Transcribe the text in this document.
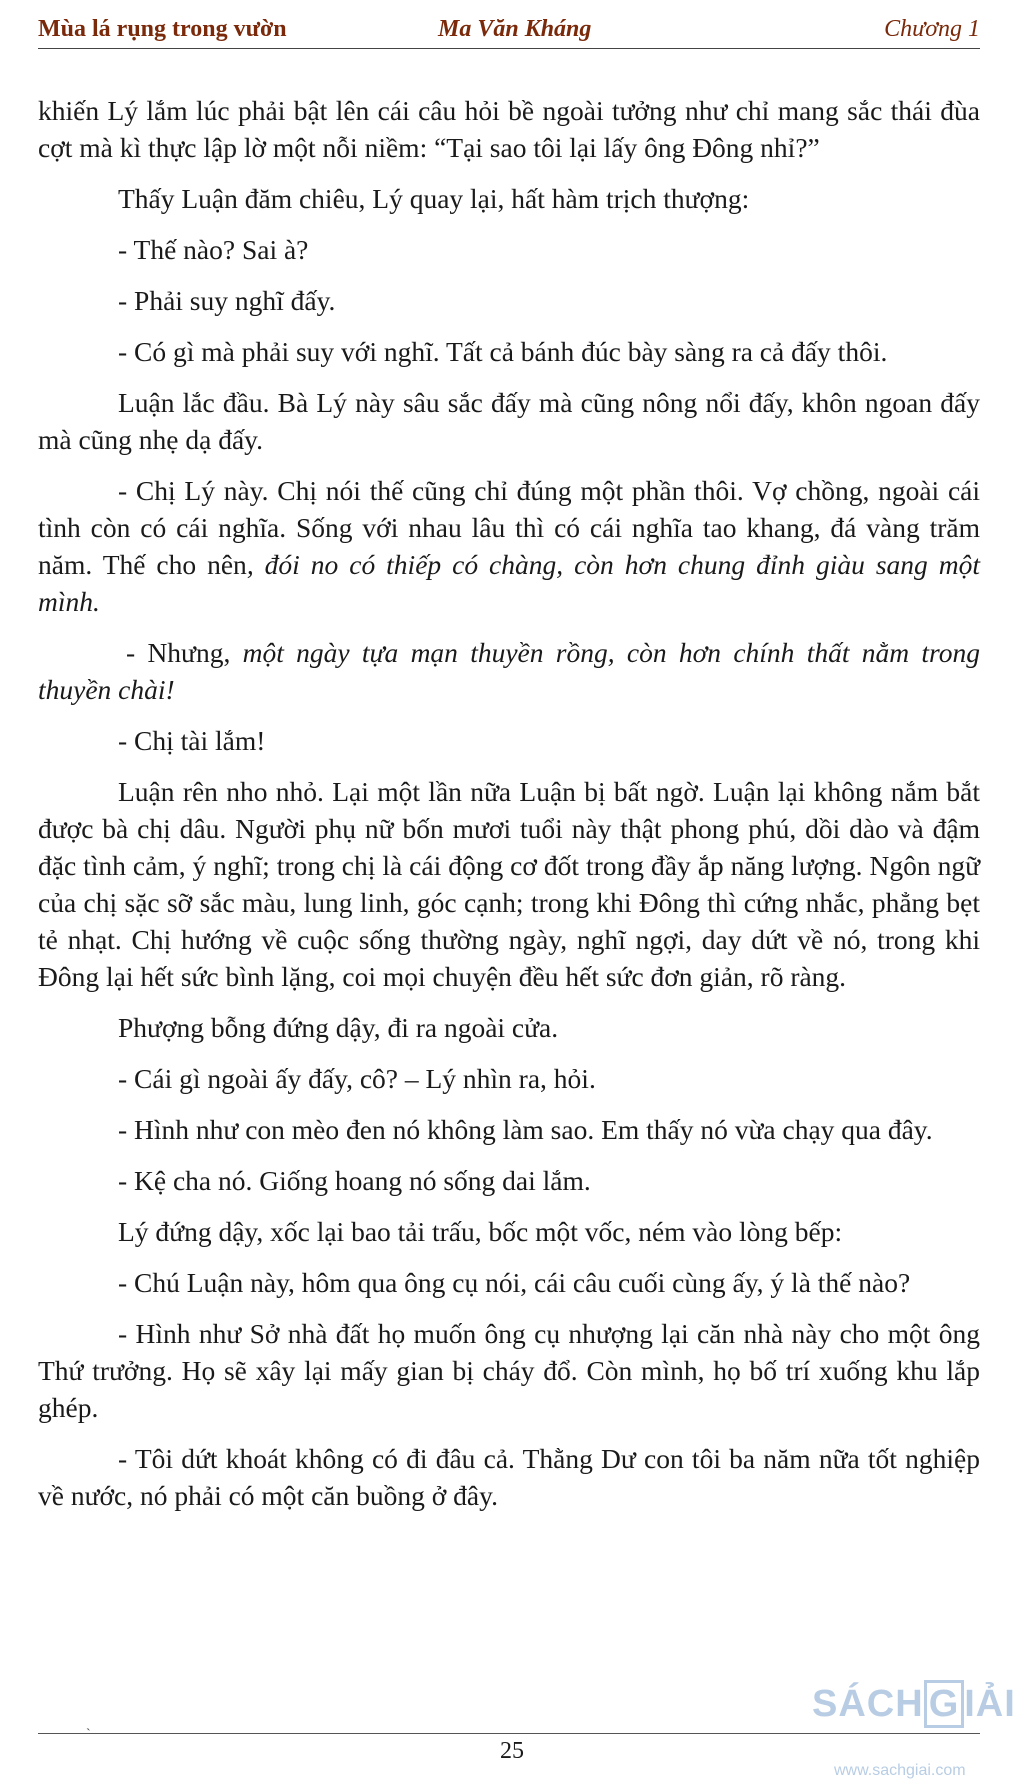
Mùa lá rụng trong vườn	Ma Văn Kháng	Chương 1

khiến Lý lắm lúc phải bật lên cái câu hỏi bề ngoài tưởng như chỉ mang sắc thái đùa cợt mà kì thực lập lờ một nỗi niềm: “Tại sao tôi lại lấy ông Đông nhỉ?”

Thấy Luận đăm chiêu, Lý quay lại, hất hàm trịch thượng:

- Thế nào? Sai à?

- Phải suy nghĩ đấy.

- Có gì mà phải suy với nghĩ. Tất cả bánh đúc bày sàng ra cả đấy thôi.

Luận lắc đầu. Bà Lý này sâu sắc đấy mà cũng nông nổi đấy, khôn ngoan đấy mà cũng nhẹ dạ đấy.

- Chị Lý này. Chị nói thế cũng chỉ đúng một phần thôi. Vợ chồng, ngoài cái tình còn có cái nghĩa. Sống với nhau lâu thì có cái nghĩa tao khang, đá vàng trăm năm. Thế cho nên, đói no có thiếp có chàng, còn hơn chung đỉnh giàu sang một mình.

- Nhưng, một ngày tựa mạn thuyền rồng, còn hơn chính thất nằm trong thuyền chài!

- Chị tài lắm!

Luận rên nho nhỏ. Lại một lần nữa Luận bị bất ngờ. Luận lại không nắm bắt được bà chị dâu. Người phụ nữ bốn mươi tuổi này thật phong phú, dồi dào và đậm đặc tình cảm, ý nghĩ; trong chị là cái động cơ đốt trong đầy ắp năng lượng. Ngôn ngữ của chị sặc sỡ sắc màu, lung linh, góc cạnh; trong khi Đông thì cứng nhắc, phẳng bẹt tẻ nhạt. Chị hướng về cuộc sống thường ngày, nghĩ ngợi, day dứt về nó, trong khi Đông lại hết sức bình lặng, coi mọi chuyện đều hết sức đơn giản, rõ ràng.

Phượng bỗng đứng dậy, đi ra ngoài cửa.

- Cái gì ngoài ấy đấy, cô? – Lý nhìn ra, hỏi.

- Hình như con mèo đen nó không làm sao. Em thấy nó vừa chạy qua đây.

- Kệ cha nó. Giống hoang nó sống dai lắm.

Lý đứng dậy, xốc lại bao tải trấu, bốc một vốc, ném vào lòng bếp:

- Chú Luận này, hôm qua ông cụ nói, cái câu cuối cùng ấy, ý là thế nào?

- Hình như Sở nhà đất họ muốn ông cụ nhượng lại căn nhà này cho một ông Thứ trưởng. Họ sẽ xây lại mấy gian bị cháy đổ. Còn mình, họ bố trí xuống khu lắp ghép.

- Tôi dứt khoát không có đi đâu cả. Thằng Dư con tôi ba năm nữa tốt nghiệp về nước, nó phải có một căn buồng ở đây.

`
25
SÁCH G IẢI
www.sachgiai.com
